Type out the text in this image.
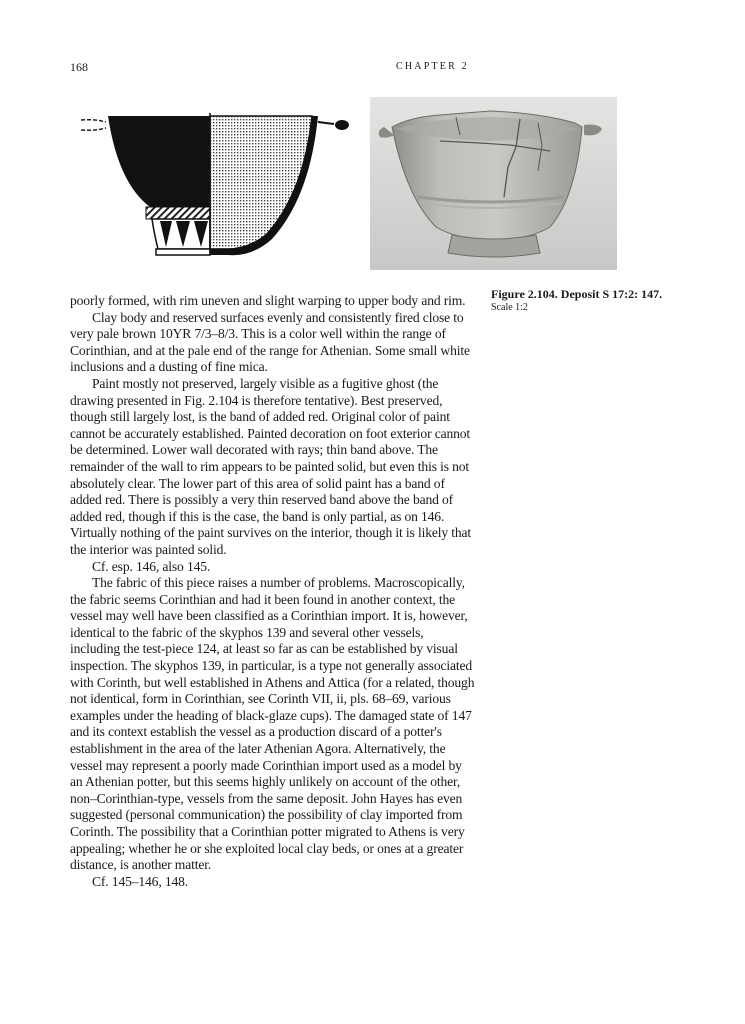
168	CHAPTER 2
Figure 2.104. Deposit S 17:2: 147.
Scale 1:2

poorly formed, with rim uneven and slight warping to upper body and rim.

Clay body and reserved surfaces evenly and consistently fired close to very pale brown 10YR 7/3–8/3. This is a color well within the range of Corinthian, and at the pale end of the range for Athenian. Some small white inclusions and a dusting of fine mica.

Paint mostly not preserved, largely visible as a fugitive ghost (the drawing presented in Fig. 2.104 is therefore tentative). Best preserved, though still largely lost, is the band of added red. Original color of paint cannot be accurately established. Painted decoration on foot exterior cannot be determined. Lower wall decorated with rays; thin band above. The remainder of the wall to rim appears to be painted solid, but even this is not absolutely clear. The lower part of this area of solid paint has a band of added red. There is possibly a very thin reserved band above the band of added red, though if this is the case, the band is only partial, as on 146. Virtually nothing of the paint survives on the interior, though it is likely that the interior was painted solid.

Cf. esp. 146, also 145.

The fabric of this piece raises a number of problems. Macroscopically, the fabric seems Corinthian and had it been found in another context, the vessel may well have been classified as a Corinthian import. It is, however, identical to the fabric of the skyphos 139 and several other vessels, including the test-piece 124, at least so far as can be established by visual inspection. The skyphos 139, in particular, is a type not generally associated with Corinth, but well established in Athens and Attica (for a related, though not identical, form in Corinthian, see Corinth VII, ii, pls. 68–69, various examples under the heading of black-glaze cups). The damaged state of 147 and its context establish the vessel as a production discard of a potter's establishment in the area of the later Athenian Agora. Alternatively, the vessel may represent a poorly made Corinthian import used as a model by an Athenian potter, but this seems highly unlikely on account of the other, non–Corinthian-type, vessels from the same deposit. John Hayes has even suggested (personal communication) the possibility of clay imported from Corinth. The possibility that a Corinthian potter migrated to Athens is very appealing; whether he or she exploited local clay beds, or ones at a greater distance, is another matter.

Cf. 145–146, 148.
